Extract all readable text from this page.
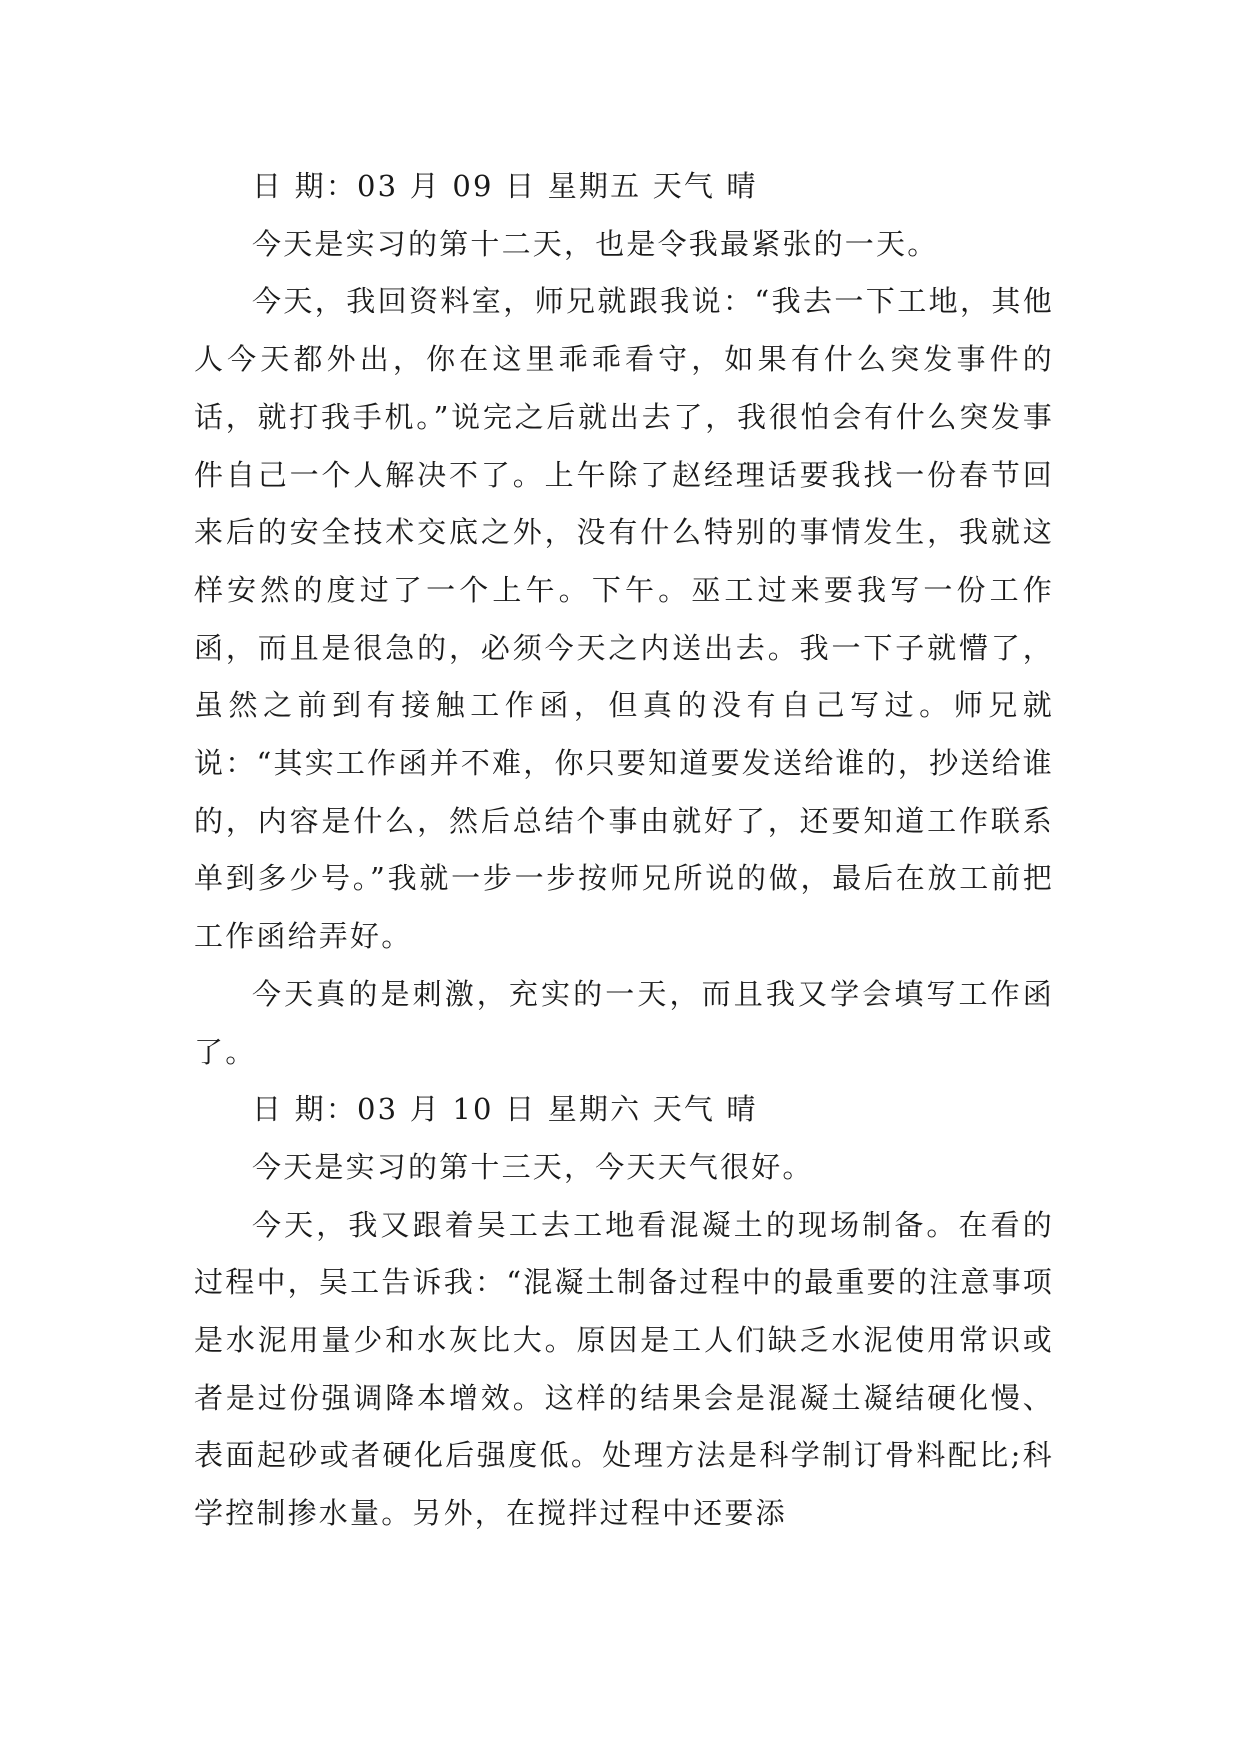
日 期：03 月 09 日 星期五 天气 晴

今天是实习的第十二天，也是令我最紧张的一天。

今天，我回资料室，师兄就跟我说：“我去一下工地，其他人今天都外出，你在这里乖乖看守，如果有什么突发事件的话，就打我手机。”说完之后就出去了，我很怕会有什么突发事件自己一个人解决不了。上午除了赵经理话要我找一份春节回来后的安全技术交底之外，没有什么特别的事情发生，我就这样安然的度过了一个上午。下午。巫工过来要我写一份工作函，而且是很急的，必须今天之内送出去。我一下子就懵了，虽然之前到有接触工作函，但真的没有自己写过。师兄就说：“其实工作函并不难，你只要知道要发送给谁的，抄送给谁的，内容是什么，然后总结个事由就好了，还要知道工作联系单到多少号。”我就一步一步按师兄所说的做，最后在放工前把工作函给弄好。

今天真的是刺激，充实的一天，而且我又学会填写工作函了。

日 期：03 月 10 日 星期六 天气 晴

今天是实习的第十三天，今天天气很好。

今天，我又跟着吴工去工地看混凝土的现场制备。在看的过程中，吴工告诉我：“混凝土制备过程中的最重要的注意事项是水泥用量少和水灰比大。原因是工人们缺乏水泥使用常识或者是过份强调降本增效。这样的结果会是混凝土凝结硬化慢、表面起砂或者硬化后强度低。处理方法是科学制订骨料配比;科学控制掺水量。另外，在搅拌过程中还要添
